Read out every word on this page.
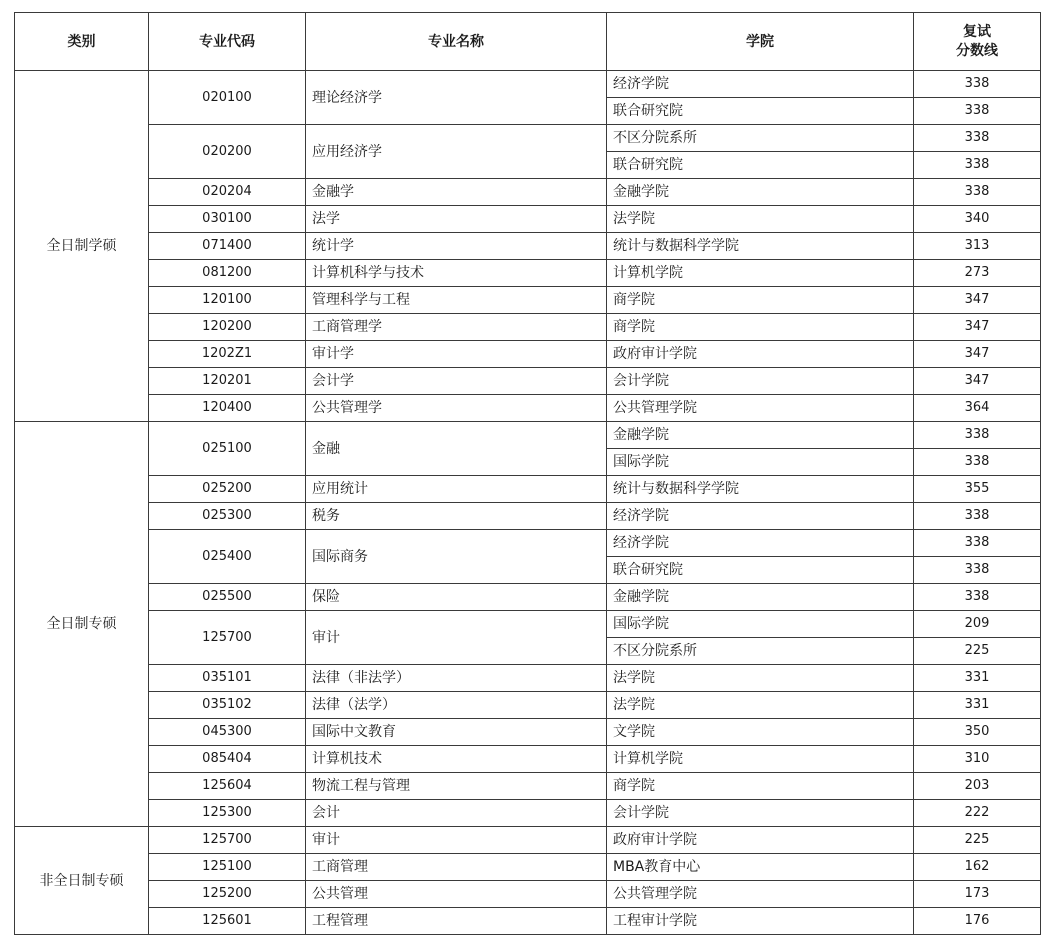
类别	专业代码	专业名称	学院	复试
分数线
全日制学硕	020100	理论经济学	经济学院	338
			联合研究院	338
	020200	应用经济学	不区分院系所	338
			联合研究院	338
	020204	金融学	金融学院	338
	030100	法学	法学院	340
	071400	统计学	统计与数据科学学院	313
	081200	计算机科学与技术	计算机学院	273
	120100	管理科学与工程	商学院	347
	120200	工商管理学	商学院	347
	1202Z1	审计学	政府审计学院	347
	120201	会计学	会计学院	347
	120400	公共管理学	公共管理学院	364
全日制专硕	025100	金融	金融学院	338
			国际学院	338
	025200	应用统计	统计与数据科学学院	355
	025300	税务	经济学院	338
	025400	国际商务	经济学院	338
			联合研究院	338
	025500	保险	金融学院	338
	125700	审计	国际学院	209
			不区分院系所	225
	035101	法律（非法学）	法学院	331
	035102	法律（法学）	法学院	331
	045300	国际中文教育	文学院	350
	085404	计算机技术	计算机学院	310
	125604	物流工程与管理	商学院	203
	125300	会计	会计学院	222
非全日制专硕	125700	审计	政府审计学院	225
	125100	工商管理	MBA教育中心	162
	125200	公共管理	公共管理学院	173
	125601	工程管理	工程审计学院	176
